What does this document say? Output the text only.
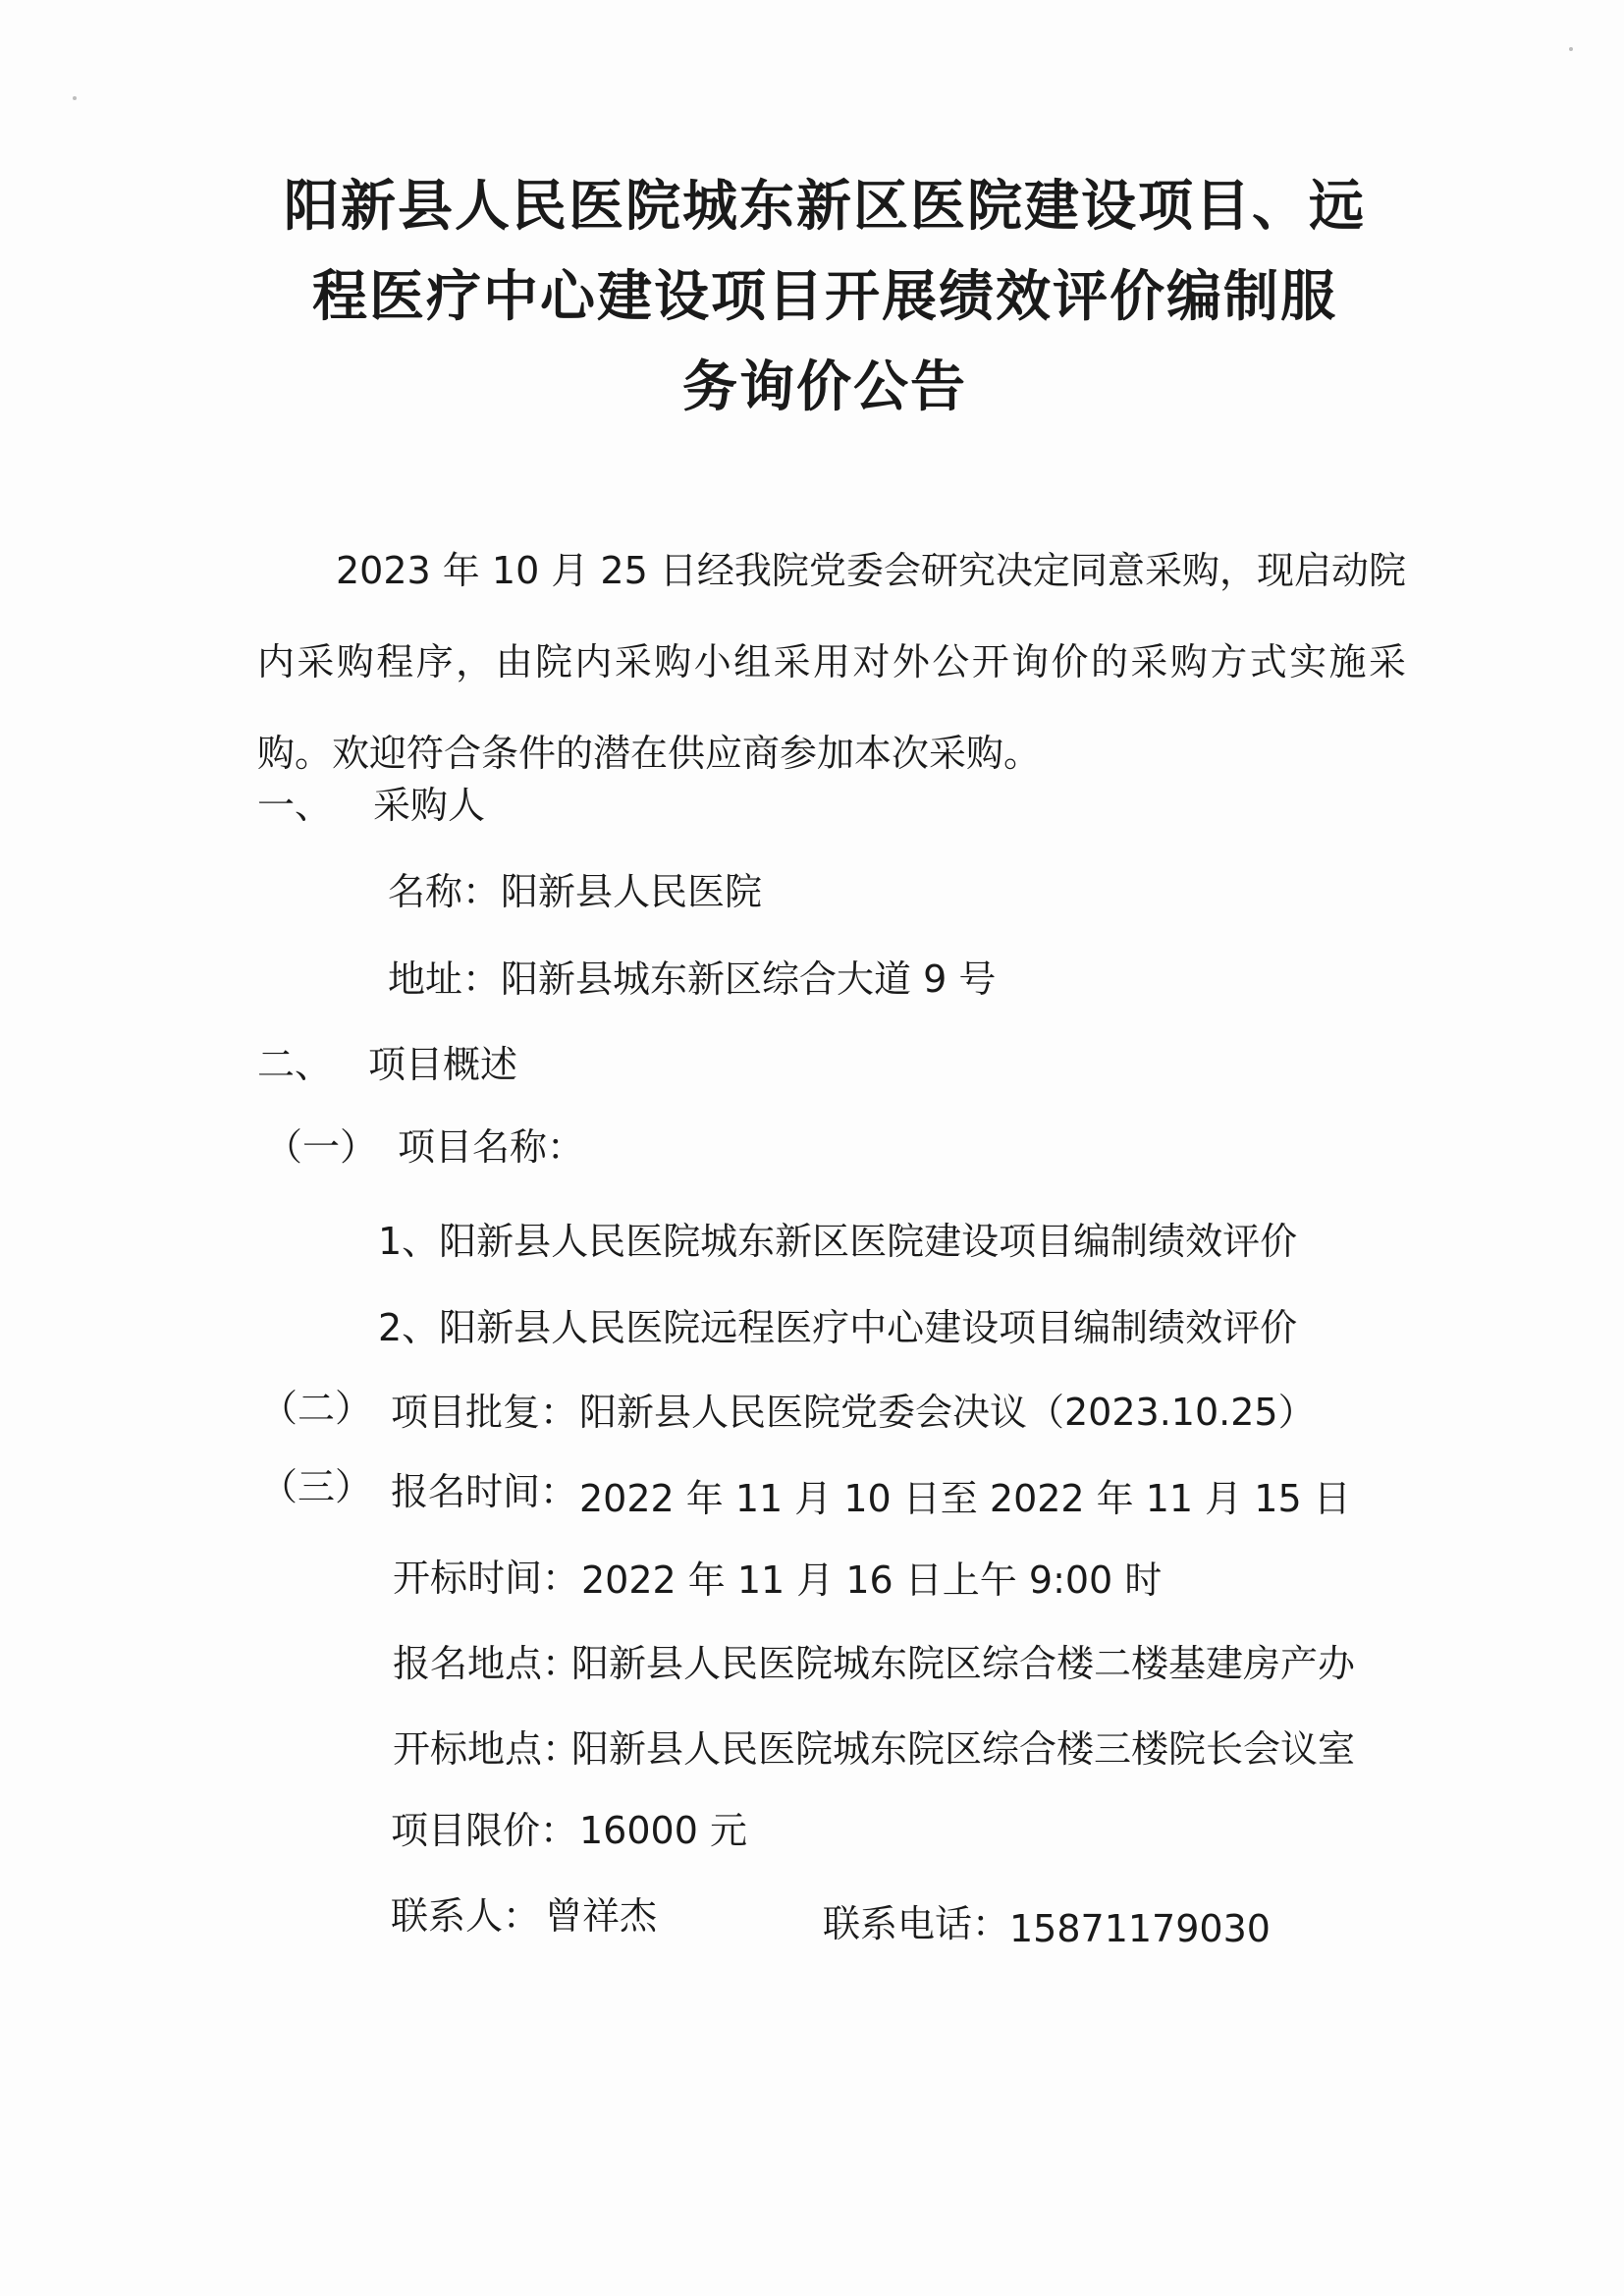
阳新县人民医院城东新区医院建设项目、远
程医疗中心建设项目开展绩效评价编制服
务询价公告
2023 年 10 月 25 日经我院党委会研究决定同意采购，现启动院内采购程序，由院内采购小组采用对外公开询价的采购方式实施采购。欢迎符合条件的潜在供应商参加本次采购。
一、 采购人
名称： 阳新县人民医院
地址： 阳新县城东新区综合大道 9 号
二、 项目概述
（一） 项目名称：
1、阳新县人民医院城东新区医院建设项目编制绩效评价
2、阳新县人民医院远程医疗中心建设项目编制绩效评价
（二） 项目批复： 阳新县人民医院党委会决议（2023.10.25）
（三） 报名时间： 2022 年 11 月 10 日至 2022 年 11 月 15 日
开标时间： 2022 年 11 月 16 日上午 9:00 时
报名地点：
阳新县人民医院城东院区综合楼二楼基建房产办
开标地点：
阳新县人民医院城东院区综合楼三楼院长会议室
项目限价： 16000 元
联系人： 曾祥杰	联系电话： 15871179030
